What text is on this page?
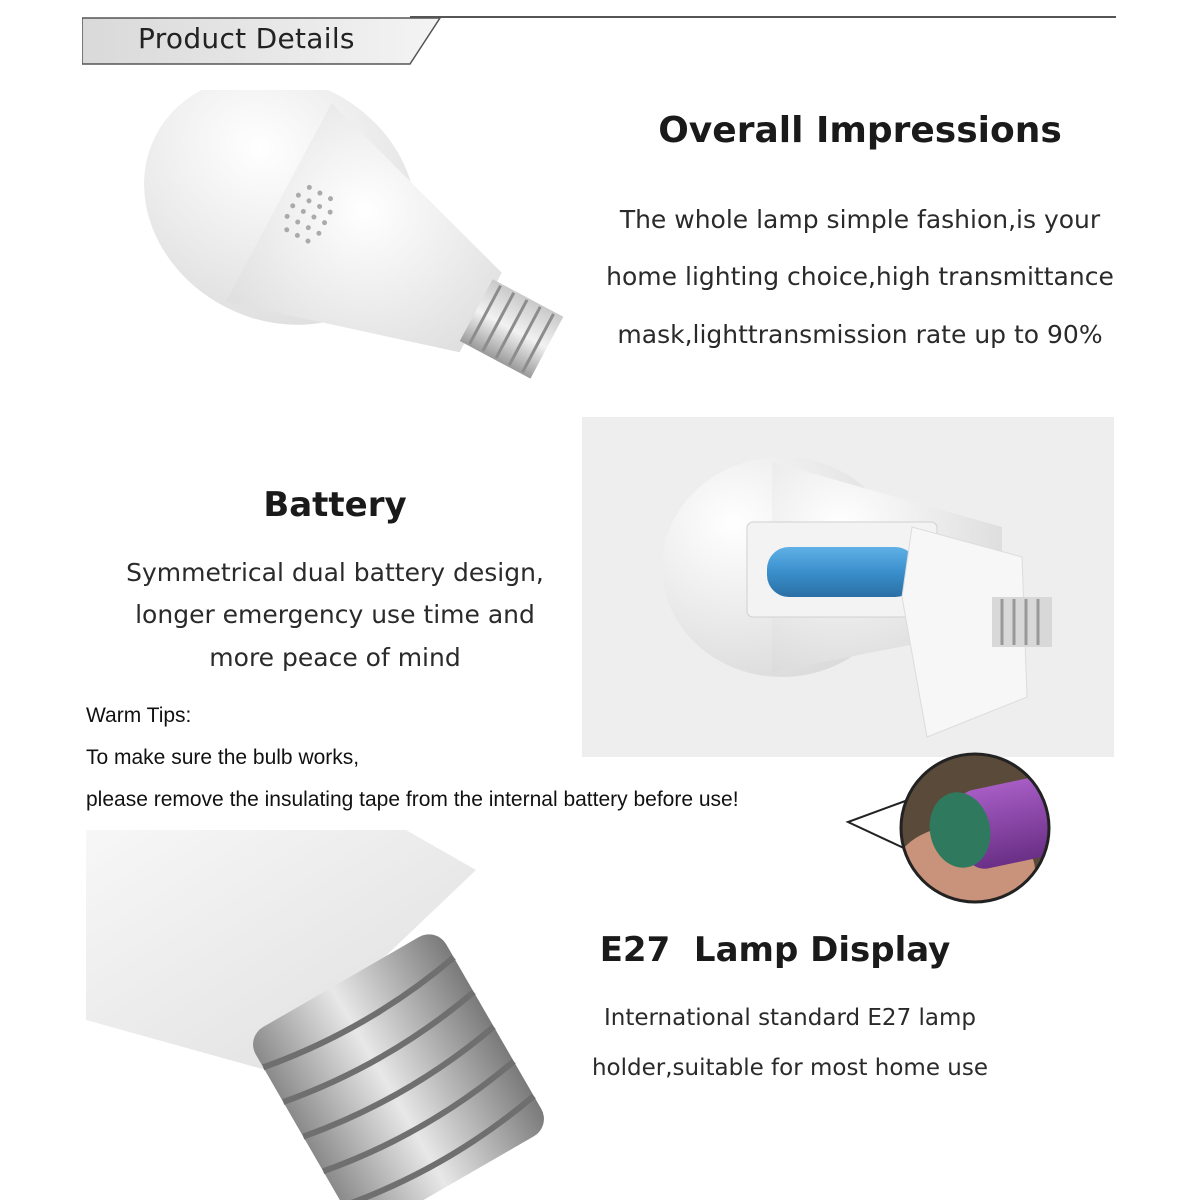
Product Details
Overall Impressions
The whole lamp simple fashion,is your
home lighting choice,high transmittance
mask,lighttransmission rate up to 90%
Battery
Symmetrical dual battery design,
longer emergency use time and
more peace of mind
Warm Tips:
To make sure the bulb works,
please remove the insulating tape from the internal battery before use!
E27  Lamp Display
International standard E27 lamp
holder,suitable for most home use
